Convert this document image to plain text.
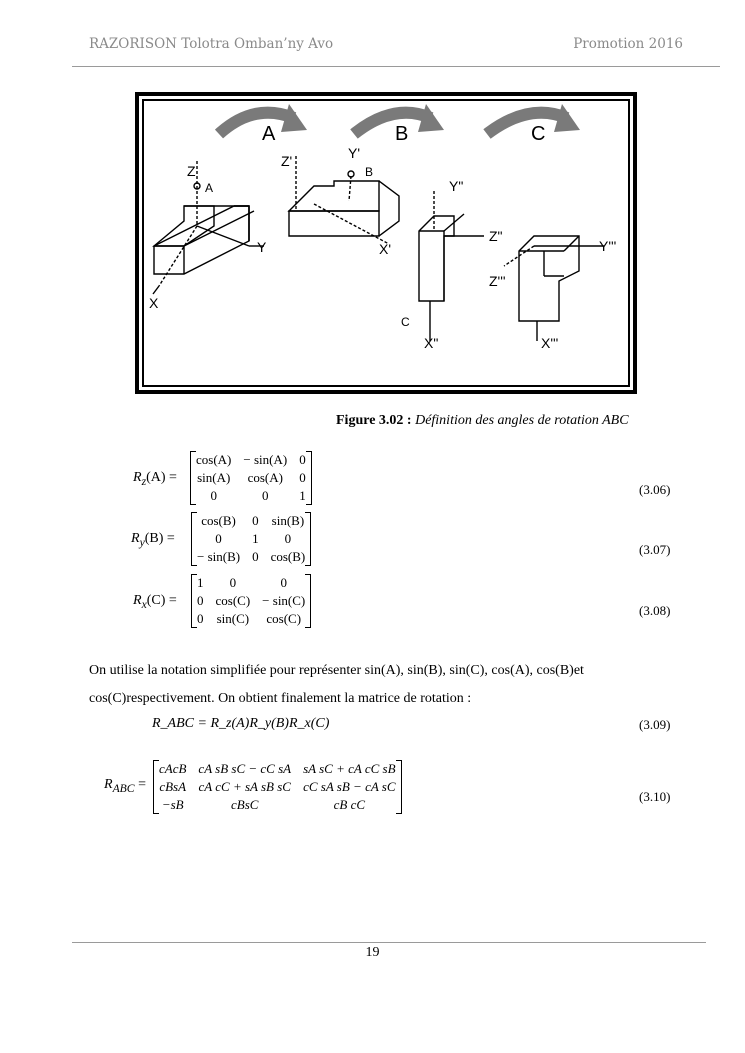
RAZORISON Tolotra Omban’ny Avo	Promotion 2016
A	B	C
Z
A
Y
X
Z'	Y'
B
X'
Y"
Z"
C
X"
Y'''
Z'''
X'''
Figure 3.02 : Définition des angles de rotation ABC
$R_z(A)$ =
cos(A)	− sin(A)	0
sin(A)	cos(A)	0
0	0	1	(3.06)
$R_y(B)$ =
cos(B)	0	sin(B)
0	1	0
− sin(B)	0	cos(B)	(3.07)
$R_x(C)$ =
1	0	0
0	cos(C)	− sin(C)
0	sin(C)	cos(C)
(3.08)
On utilise la notation simplifiée pour représenter sin(A), sin(B), sin(C), cos(A), cos(B)et
cos(C)respectivement. On obtient finalement la matrice de rotation :
R_ABC = R_z(A)R_y(B)R_x(C)	(3.09)
$R_{ABC}$ =
cAcB	cA sB sC − cC sA	sA sC + cA cC sB
cBsA	cA cC + sA sB sC	cC sA sB − cA sC
−sB	cBsC	cB cC
(3.10)
19
